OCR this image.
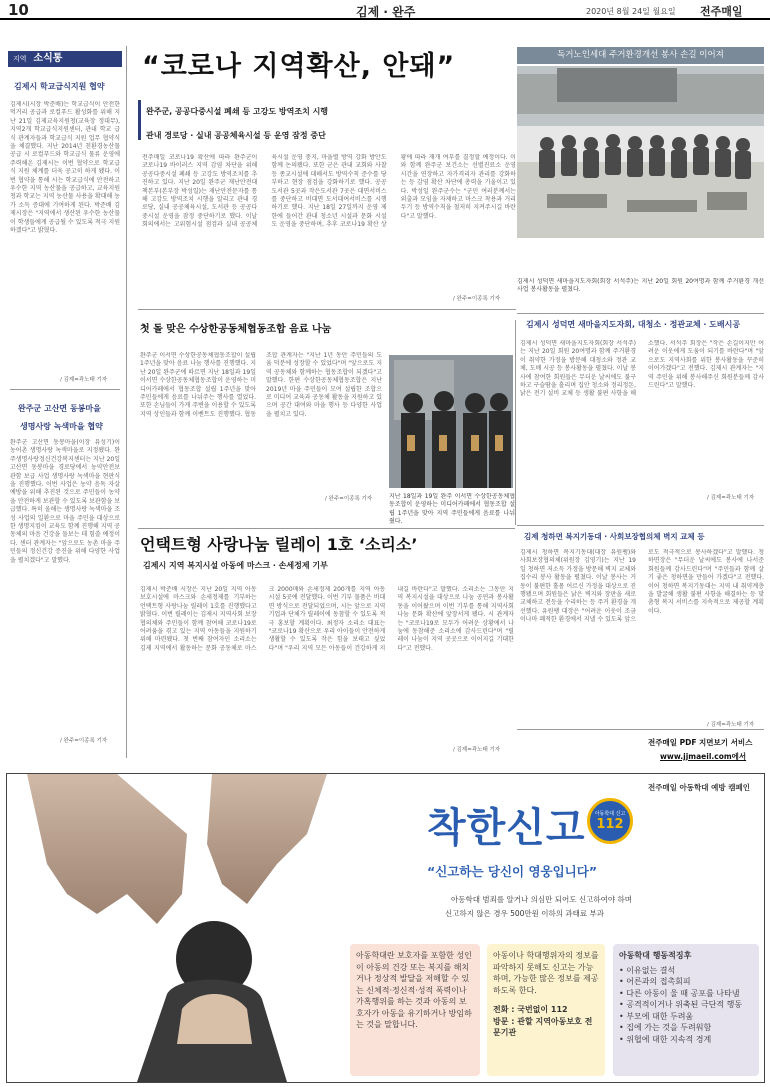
10	김제 · 완주	2020년 8월 24일 월요일 전주매일
지역 소식통
김제시 학교급식지원 협약
김제시(시장 박준배)는 학교급식이 안전한 먹거리 공급과 로컬푸드 활성화를 위해 지난 21일 김제교육지원청(교육장 정대무), 지역2개 학교급식지원센터, 관내 학교 급식 관계자들과 학교급식 지원 업무 협약식을 체결했다. 지난 2014년 친환경농산물 공급 시 로컬푸드와 학교급식 물류 운영에 주력해온 김제시는 이번 협약으로 학교급식 지원 체계를 더욱 공고히 하게 됐다. 이번 협약을 통해 시는 학교급식에 안전하고 우수한 지역 농산물을 공급하고, 교육지원청과 학교는 지역 농산물 사용을 확대해 농가 소득 증대에 기여하게 된다. 박준배 김제시장은 "지역에서 생산된 우수한 농산물이 학생들에게 공급될 수 있도록 적극 지원하겠다"고 밝혔다.
/ 김제=곽노태 기자
완주군 고산면 동봉마을
생명사랑 녹색마을 협약
완주군 고산면 동봉마을(이장 유성기)이 농어촌 생명사랑 녹색마을로 지정됐다. 완주생명사랑정신건강복지센터는 지난 20일 고산면 동봉마을 경로당에서 농약안전보관함 보급 사업 생명사랑 녹색마을 현판식을 진행했다. 이번 사업은 농약 음독 자살 예방을 위해 추진된 것으로 주민들이 농약을 안전하게 보관할 수 있도록 보관함을 보급했다. 특히 올해는 생명사랑 녹색마을 조성 사업의 일환으로 마을 주민을 대상으로 한 생명지킴이 교육도 함께 진행해 지역 공동체의 마음 건강을 돌보는 데 힘쓸 예정이다. 센터 관계자는 "앞으로도 농촌 마을 주민들의 정신건강 증진을 위해 다양한 사업을 펼치겠다"고 말했다.
/ 완주=이종록 기자
“코로나 지역확산, 안돼”
완주군, 공공다중시설 폐쇄 등 고강도 방역조치 시행
관내 경로당 · 실내 공공체육시설 등 운영 잠정 중단
전주매일 코로나19 확산에 따라 완주군이 코로나19 바이러스 지역 감염 차단을 위해 공공다중시설 폐쇄 등 고강도 방역조치를 추진하고 있다. 지난 20일 완주군 재난안전대책본부(본부장 박성일)는 재난안전문자를 통해 고강도 방역조치 시행을 알리고 관내 경로당, 실내 공공체육시설, 도서관 등 공공다중시설 운영을 잠정 중단하기로 했다. 이날 회의에서는 고위험시설 점검과 실내 공공체육시설 운영 중지, 마을별 방역 강화 방안도 함께 논의됐다. 또한 군은 관내 교회와 사찰 등 종교시설에 대해서도 방역수칙 준수를 당부하고 현장 점검을 강화하기로 했다. 공공도서관 5곳과 작은도서관 7곳은 대면서비스를 중단하고 비대면 도서대여서비스를 시행하기로 했다. 지난 18일 27일까지 운영 제한에 들어간 관내 청소년 시설과 문화 시설도 운영을 중단하며, 추후 코로나19 확산 상황에 따라 재개 여부를 결정할 예정이다. 이와 함께 완주군 보건소는 선별진료소 운영 시간을 연장하고 자가격리자 관리를 강화하는 등 감염 확산 차단에 총력을 기울이고 있다. 박성일 완주군수는 "군민 여러분께서는 외출과 모임을 자제하고 마스크 착용과 거리두기 등 방역수칙을 철저히 지켜주시길 바란다"고 말했다.
/ 완주=이종록 기자
독거노인세대 주거환경개선 봉사 손길 이어져
김제시 성덕면 새마을지도자회(회장 서석주)는 지난 20일 회원 20여명과 함께 주거환경 개선사업 봉사활동을 펼쳤다.
김제시 성덕면 새마을지도자회, 대청소 · 정관교체 · 도배시공
김제시 성덕면 새마을지도자회(회장 서석주)는 지난 20일 회원 20여명과 함께 주거환경이 취약한 가정을 방문해 대청소와 정관 교체, 도배 시공 등 봉사활동을 펼쳤다. 이날 봉사에 참여한 회원들은 무더운 날씨에도 불구하고 구슬땀을 흘리며 집안 청소와 정리정돈, 낡은 전기 설비 교체 등 생활 불편 사항을 해소했다. 서석주 회장은 "작은 손길이지만 어려운 이웃에게 도움이 되기를 바란다"며 "앞으로도 지역사회를 위한 봉사활동을 꾸준히 이어가겠다"고 전했다. 김제시 관계자는 "지역 주민을 위해 봉사해주신 회원분들께 감사드린다"고 말했다.
/ 김제=곽노태 기자
첫 돌 맞은 수상한공동체협동조합 음료 나눔
완주군 이서면 수상한공동체협동조합이 설립 1주년을 맞아 음료 나눔 행사를 진행했다. 지난 20일 완주군에 따르면 지난 18일과 19일 이서면 수상한공동체협동조합이 운영하는 미디어카페에서 협동조합 설립 1주년을 맞아 주민들에게 음료를 나눠주는 행사를 열었다. 또한 손님들이 가게 주변을 이용할 수 있도록 지역 상인들과 함께 이벤트도 진행했다. 협동조합 관계자는 "지난 1년 동안 주민들의 도움 덕분에 성장할 수 있었다"며 "앞으로도 지역 공동체와 함께하는 협동조합이 되겠다"고 말했다. 한편 수상한공동체협동조합은 지난 2019년 마을 주민들이 모여 설립한 조합으로 미디어 교육과 공동체 활동을 지원하고 있으며 공간 대여와 마을 행사 등 다양한 사업을 펼치고 있다.
/ 완주=이종록 기자	지난 18일과 19일 완주 이서면 수상한공동체협동조합이 운영하는 미디어카페에서 협동조합 설립 1주년을 맞아 지역 주민들에게 음료를 나눠 줬다.
언택트형 사랑나눔 릴레이 1호 ‘소리소’
김제시 지역 복지시설 아동에 마스크 · 손세정제 기부
김제시 박준배 시장은 지난 20일 지역 아동 보호시설에 마스크와 손세정제를 기부하는 언택트형 사랑나눔 릴레이 1호를 진행했다고 밝혔다. 이번 릴레이는 김제시 지역사회 보장협의체와 주민들이 함께 참여해 코로나19로 어려움을 겪고 있는 지역 아동들을 지원하기 위해 마련됐다. 첫 번째 참여자인 소리소는 김제 지역에서 활동하는 문화 공동체로 마스크 2000매와 손세정제 200개를 지역 아동시설 5곳에 전달했다. 이번 기부 물품은 비대면 방식으로 전달되었으며, 시는 앞으로 지역 기업과 단체가 릴레이에 동참할 수 있도록 적극 홍보할 계획이다. 최정자 소리소 대표는 "코로나19 확산으로 우리 아이들이 안전하게 생활할 수 있도록 작은 힘을 보태고 싶었다"며 "우리 지역 모든 아동들이 건강하게 지내길 바란다"고 말했다. 소리소는 그동안 지역 복지시설을 대상으로 나눔 공연과 봉사활동을 이어왔으며 이번 기부를 통해 지역사회 나눔 문화 확산에 앞장서게 됐다. 시 관계자는 "코로나19로 모두가 어려운 상황에서 나눔에 동참해준 소리소에 감사드린다"며 "릴레이 나눔이 지역 곳곳으로 이어지길 기대한다"고 전했다.
/ 김제=곽노태 기자
김제 청하면 복지기동대 · 사회보장협의체 벽지 교체 등
김제시 청하면 복지기동대(대장 유원팽)와 사회보장협의체(위원장 김영기)는 지난 19일 청하면 저소득 가정을 방문해 벽지 교체와 집수리 봉사 활동을 펼쳤다. 이날 봉사는 거동이 불편한 홀몸 어르신 가정을 대상으로 진행됐으며 회원들은 낡은 벽지와 장판을 새로 교체하고 전등을 수리하는 등 주거 환경을 개선했다. 유원팽 대장은 "어려운 이웃이 조금이나마 쾌적한 환경에서 지낼 수 있도록 앞으로도 적극적으로 봉사하겠다"고 말했다. 청하면장은 "무더운 날씨에도 봉사에 나서준 회원들께 감사드린다"며 "주민들과 함께 살기 좋은 청하면을 만들어 가겠다"고 전했다. 이어 청하면 복지기동대는 지역 내 취약계층을 발굴해 생활 불편 사항을 해결하는 등 맞춤형 복지 서비스를 지속적으로 제공할 계획이다.
/ 김제=곽노태 기자
전주매일 PDF 지면보기 서비스
www.jjmaeil.com에서
전주매일 아동학대 예방 캠페인
착한신고	아동학대 신고
112
“신고하는 당신이 영웅입니다”
아동학대 범죄를 알거나 의심만 되어도 신고하여야 하며
신고하지 않은 경우 500만원 이하의 과태료 부과
아동학대란 보호자를 포함한 성인이 아동의 건강 또는 복지를 해치거나 정상적 발달을 저해할 수 있는 신체적·정신적·성적 폭력이나 가혹행위를 하는 것과 아동의 보호자가 아동을 유기하거나 방임하는 것을 말합니다.
아동이나 학대행위자의 정보를 파악하지 못해도 신고는 가능하며, 가능한 많은 정보를 제공하도록 한다.
전화 : 국번없이 112
방문 : 관할 지역아동보호 전문기관
아동학대 행동적징후
• 이유없는 결석
• 어른과의 접촉회피
• 다른 아동이 울 때 공포를 나타냄
• 공격적이거나 위축된 극단적 행동
• 부모에 대한 두려움
• 집에 가는 것을 두려워함
• 위협에 대한 지속적 경계
